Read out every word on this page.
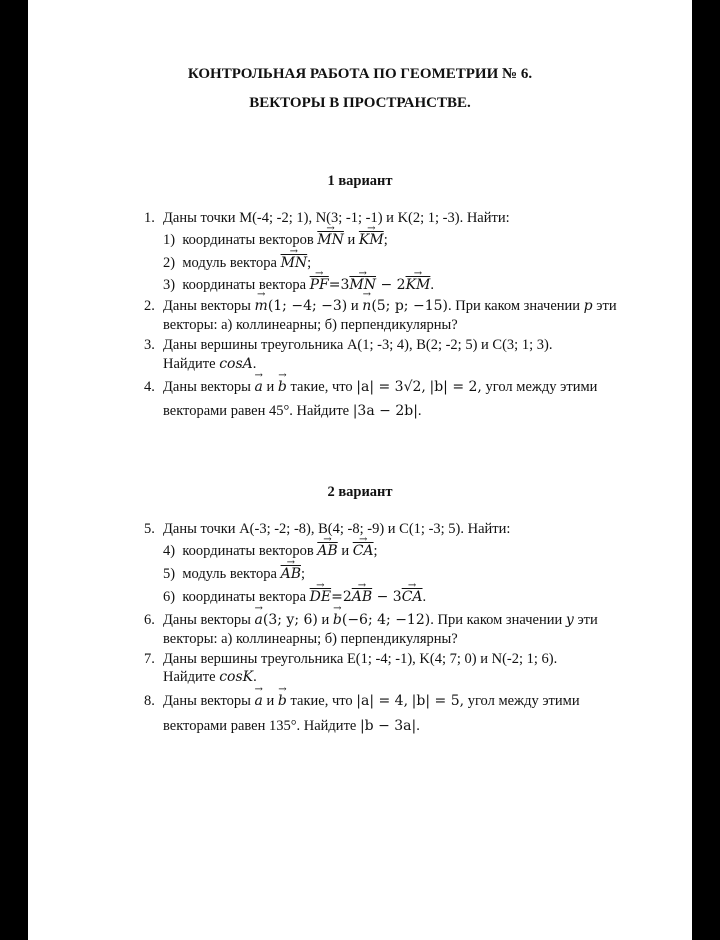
КОНТРОЛЬНАЯ РАБОТА ПО ГЕОМЕТРИИ № 6.
ВЕКТОРЫ В ПРОСТРАНСТВЕ.
1 вариант
1. Даны точки M(-4; -2; 1), N(3; -1; -1) и K(2; 1; -3). Найти:
1) координаты векторов $\overline{MN} \to и$ $\overline{KM}$ →;
2) модуль вектора $\overline{MN}$ →;
3) координаты вектора $\overline{PF} \to=3\overline{MN}$ → − $2\overline{KM}$ →.
2. Даны векторы m →(1; −4; −3) и n →(5; p; −15). При каком значении p эти
векторы: а) коллинеарны; б) перпендикулярны?
3. Даны вершины треугольника A(1; -3; 4), B(2; -2; 5) и C(3; 1; 3).
Найдите cosA.
4. Даны векторы a → и b → такие, что |a| = 3√2, |b| = 2, угол между этими
векторами равен 45°. Найдите |3a − 2b|.
2 вариант
5. Даны точки A(-3; -2; -8), B(4; -8; -9) и C(1; -3; 5). Найти:
4) координаты векторов $\overline{AB} \to и$ $\overline{CA}$ →;
5) модуль вектора $\overline{AB}$ →;
6) координаты вектора $\overline{DE} \to=2\overline{AB}$ → − $3\overline{CA}$ →.
6. Даны векторы a →(3; y; 6) и b →(−6; 4; −12). При каком значении y эти
векторы: а) коллинеарны; б) перпендикулярны?
7. Даны вершины треугольника E(1; -4; -1), K(4; 7; 0) и N(-2; 1; 6).
Найдите cosK.
8. Даны векторы a → и b → такие, что |a| = 4, |b| = 5, угол между этими
векторами равен 135°. Найдите |b − 3a|.
